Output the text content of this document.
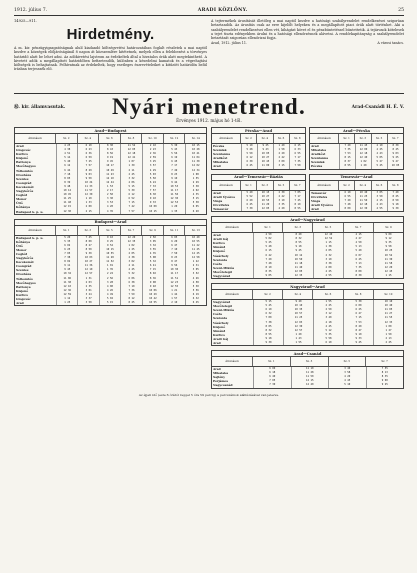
1912. július 7.	ARADI KÖZLÖNY.	25
14925—911.
Hirdetmény.
A m. kir. pénzügyigazgatóságnak alulí kiadandó költségvetési határozatában foglalt részletek a mai naptól kezdve a községek elöljáróságánál 8 napon át közszemlére kitétetnek, melyek ellen a felebbezést a törvényes határidő alatt be lehet adni. Az adókivetési lajstrom az érdekeltek által a hivatalos órák alatt megtekinthető. A kivetett adók a megállapított határidőben befizetendők, különben a késedelmi kamatok és a végrehajtási költségek is behajtatnak. Felhívatnak az érdekeltek, hogy esetleges észrevételeiket a kitűzött határidőn belül írásban terjesszék elő.
A tejtermékek árusítását illetőleg a mai naptól kezdve a hatósági szabályrendelet rendelkezései szigorúan betartandók. Az árusítás csak az erre kijelölt helyeken és a megállapított piaci órák alatt történhet. Aki a szabályrendelet rendelkezései ellen vét, kihágást követ el és pénzbüntetéssel büntettetik. A tejárusok kötelesek a tejet tiszta edényekben árulni és a hatósági ellenőrzésnek alávetni. A rendőrkapitányság a szabályrendelet betartását szigorúan ellenőrizni fogja.
Arad, 1912. július 11.	A városi tanács.
Ⓜ. kir. államvasutak.	Nyári menetrend.	Arad-Csanádi H. É. V.
Érvényes 1912. május hó 1-től.
Arad—Budapest
Állomások	Sz. 2	Sz. 4	Sz. 6	Sz. 8	Sz. 10	Sz. 12	Sz. 14
Arad	4 25	6 10	8 30	11 52	2 10	5 30	10 15
Glogovác	4 38	6 23	8 43	12 05	2 23	5 43	10 28
Kurtics	4 51	6 36	8 56	12 18	2 36	5 56	10 41
Kisjenő	5 14	6 59	9 19	12 41	2 59	6 19	11 04
Battonya	5 40	7 25	9 45	1 07	3 25	6 45	11 30
Mezőhegyes	6 12	7 57	10 17	1 39	3 57	7 17	12 02
Tótkomlós	6 44	8 29	10 49	2 11	4 29	7 49	12 34
Orosháza	7 18	9 03	11 23	2 45	5 03	8 23	1 08
Szentes	8 05	9 50	12 10	3 32	5 50	9 10	1 55
Csongrád	8 39	10 24	12 44	4 06	6 24	9 44	2 29
Kecskemét	9 48	11 33	1 53	5 15	7 33	10 53	3 38
Nagykőrös	10 12	11 57	2 17	5 39	7 57	11 17	4 02
Cegléd	10 45	12 30	2 50	6 12	8 30	11 50	4 35
Monor	11 25	1 10	3 30	6 52	9 10	12 30	5 15
Üllő	11 48	1 33	3 53	7 15	9 33	12 53	5 38
Kőbánya	12 15	2 00	4 20	7 42	10 00	1 20	6 05
Budapest k. p. u.	12 30	2 15	4 35	7 57	10 15	1 35	6 20
Budapest—Arad
Állomások	Sz. 1	Sz. 3	Sz. 5	Sz. 7	Sz. 9	Sz. 11	Sz. 13
Budapest k. p. u.	5 20	7 45	9 10	12 20	2 50	6 05	10 40
Kőbánya	5 35	8 00	9 25	12 35	3 05	6 20	10 55
Üllő	6 02	8 27	9 52	1 02	3 32	6 47	11 22
Monor	6 25	8 50	10 15	1 25	3 55	7 10	11 45
Cegléd	7 05	9 30	10 55	2 05	4 35	7 50	12 25
Nagykőrös	7 38	10 03	11 28	2 38	5 08	8 23	12 58
Kecskemét	8 02	10 27	11 52	3 02	5 32	8 47	1 22
Csongrád	9 11	11 36	1 01	4 11	6 41	9 56	2 31
Szentes	9 45	12 10	1 35	4 45	7 15	10 30	3 05
Orosháza	10 32	12 57	2 22	5 32	8 02	11 17	3 52
Tótkomlós	11 06	1 31	2 56	6 06	8 36	11 51	4 26
Mezőhegyes	11 38	2 03	3 28	6 38	9 08	12 23	4 58
Battonya	12 10	2 35	4 00	7 10	9 40	12 55	5 30
Kisjenő	12 36	3 01	4 26	7 36	10 06	1 21	5 56
Kurtics	12 59	3 24	4 49	7 59	10 29	1 44	6 19
Glogovác	1 12	3 37	5 02	8 12	10 42	1 57	6 32
Arad	1 25	3 50	5 15	8 25	10 55	2 10	6 45
Pécska—Arad
Állomások	Sz. 2	Sz. 4	Sz. 6	Sz. 8
Pécska	5 10	9 25	1 40	6 15
Szemlak	5 28	9 43	1 58	6 33
Szentanna	5 50	10 05	2 20	6 55
Aradkövi	6 12	10 27	2 42	7 17
Mikalaka	6 30	10 45	3 00	7 35
Arad	6 45	11 00	3 15	7 50
Arad—Pécska
Állomások	Sz. 1	Sz. 3	Sz. 5	Sz. 7
Arad	7 20	11 45	4 10	8 30
Mikalaka	7 35	12 00	4 25	8 45
Aradkövi	7 53	12 18	4 43	9 03
Szentanna	8 15	12 40	5 05	9 25
Szemlak	8 37	1 02	5 27	9 47
Pécska	8 55	1 20	5 45	10 05
Arad—Temesvár—Báziás
Állomások	Sz. 1	Sz. 3	Sz. 5	Sz. 7
Arad	5 40	10 15	2 30	7 05
Aradi Újváros	5 52	10 27	2 42	7 17
Vinga	6 20	10 55	3 10	7 45
Orczifalva	6 45	11 20	3 35	8 10
Temesvár	7 30	12 05	4 20	8 55
Temesvár—Arad
Állomások	Sz. 2	Sz. 4	Sz. 6	Sz. 8
Temesvár	6 10	10 40	3 05	7 40
Orczifalva	6 55	11 25	3 50	8 25
Vinga	7 20	11 50	4 15	8 50
Aradi Újváros	7 48	12 18	4 43	9 18
Arad	8 00	12 30	4 55	9 30
Arad—Nagyvárad
Állomások	Sz. 1	Sz. 3	Sz. 5	Sz. 7	Sz. 9
Arad	4 50	8 20	12 40	4 15	9 00
Aradi Gáj	5 02	8 32	12 52	4 27	9 12
Kurtics	5 25	8 55	1 15	4 50	9 35
Simánd	5 48	9 18	1 38	5 13	9 58
Kisjenő	6 15	9 45	2 05	5 40	10 25
Vásárhely	6 42	10 12	2 32	6 07	10 52
Szalonta	7 20	10 50	3 10	6 45	11 30
Cséfa	7 48	11 18	3 38	7 13	11 58
Szent-Miklós	8 10	11 40	4 00	7 35	12 20
Mezőtelegd	8 35	12 05	4 25	8 00	12 45
Nagyvárad	9 05	12 35	4 55	8 30	1 15
Nagyvárad—Arad
Állomások	Sz. 2	Sz. 4	Sz. 6	Sz. 8	Sz. 10
Nagyvárad	5 15	9 40	1 55	5 30	10 10
Mezőtelegd	5 45	10 10	2 25	6 00	10 40
Szent-Miklós	6 10	10 35	2 50	6 25	11 05
Cséfa	6 32	10 57	3 12	6 47	11 27
Szalonta	7 00	11 25	3 40	7 15	11 55
Vásárhely	7 38	12 03	4 18	7 53	12 33
Kisjenő	8 05	12 30	4 45	8 20	1 00
Simánd	8 32	12 57	5 12	8 47	1 27
Kurtics	8 55	1 20	5 35	9 10	1 50
Aradi Gáj	9 18	1 43	5 58	9 33	2 13
Arad	9 30	1 55	6 10	9 45	2 25
Arad—Csanád
Állomások	Sz. 1	Sz. 3	Sz. 5	Sz. 7
Arad	6 00	11 10	3 40	7 55
Mikalaka	6 18	11 28	3 58	8 13
Sajtény	6 40	11 50	4 20	8 35
Perjámos	7 05	12 15	4 45	9 00
Nagycsanád	7 30	12 40	5 10	9 25
Az éjjeli idő (este 6 órától reggel 5 óra 59 percig) a percszámok aláhúzásával van jelezve.
